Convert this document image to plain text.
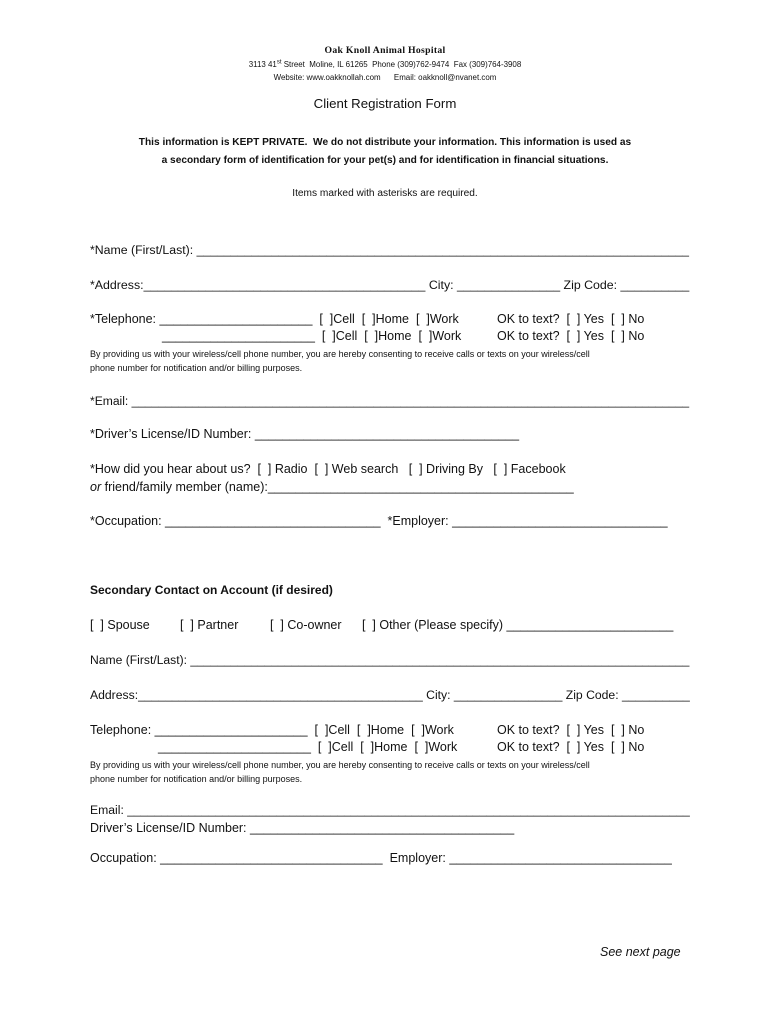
Oak Knoll Animal Hospital
3113 41st Street  Moline, IL 61265  Phone (309)762-9474  Fax (309)764-3908
Website: www.oakknollah.com      Email: oakknoll@nvanet.com
Client Registration Form
This information is KEPT PRIVATE.  We do not distribute your information. This information is used as
a secondary form of identification for your pet(s) and for identification in financial situations.
Items marked with asterisks are required.
*Name (First/Last): ________________________________________________________________________
*Address:_________________________________________ City: _______________ Zip Code: __________
*Telephone: ______________________  [  ]Cell  [  ]Home  [  ]Work	OK to text?  [  ] Yes  [  ] No
______________________  [  ]Cell  [  ]Home  [  ]Work	OK to text?  [  ] Yes  [  ] No
By providing us with your wireless/cell phone number, you are hereby consenting to receive calls or texts on your wireless/cell
phone number for notification and/or billing purposes.
*Email: ___________________________________________________________________________________
*Driver’s License/ID Number: ______________________________________
*How did you hear about us?  [  ] Radio  [  ] Web search   [  ] Driving By   [  ] Facebook
or friend/family member (name):____________________________________________
*Occupation: _______________________________  *Employer: _______________________________
Secondary Contact on Account (if desired)
[  ] Spouse [  ] Partner	[  ] Co-owner [  ] Other (Please specify) ________________________
Name (First/Last): __________________________________________________________________________
Address:__________________________________________ City: ________________ Zip Code: __________
Telephone: ______________________  [  ]Cell  [  ]Home  [  ]Work	OK to text?  [  ] Yes  [  ] No
______________________  [  ]Cell  [  ]Home  [  ]Work	OK to text?  [  ] Yes  [  ] No
By providing us with your wireless/cell phone number, you are hereby consenting to receive calls or texts on your wireless/cell
phone number for notification and/or billing purposes.
Email: ___________________________________________________________________________________
Driver’s License/ID Number: ______________________________________
Occupation: ________________________________  Employer: ________________________________
See next page
